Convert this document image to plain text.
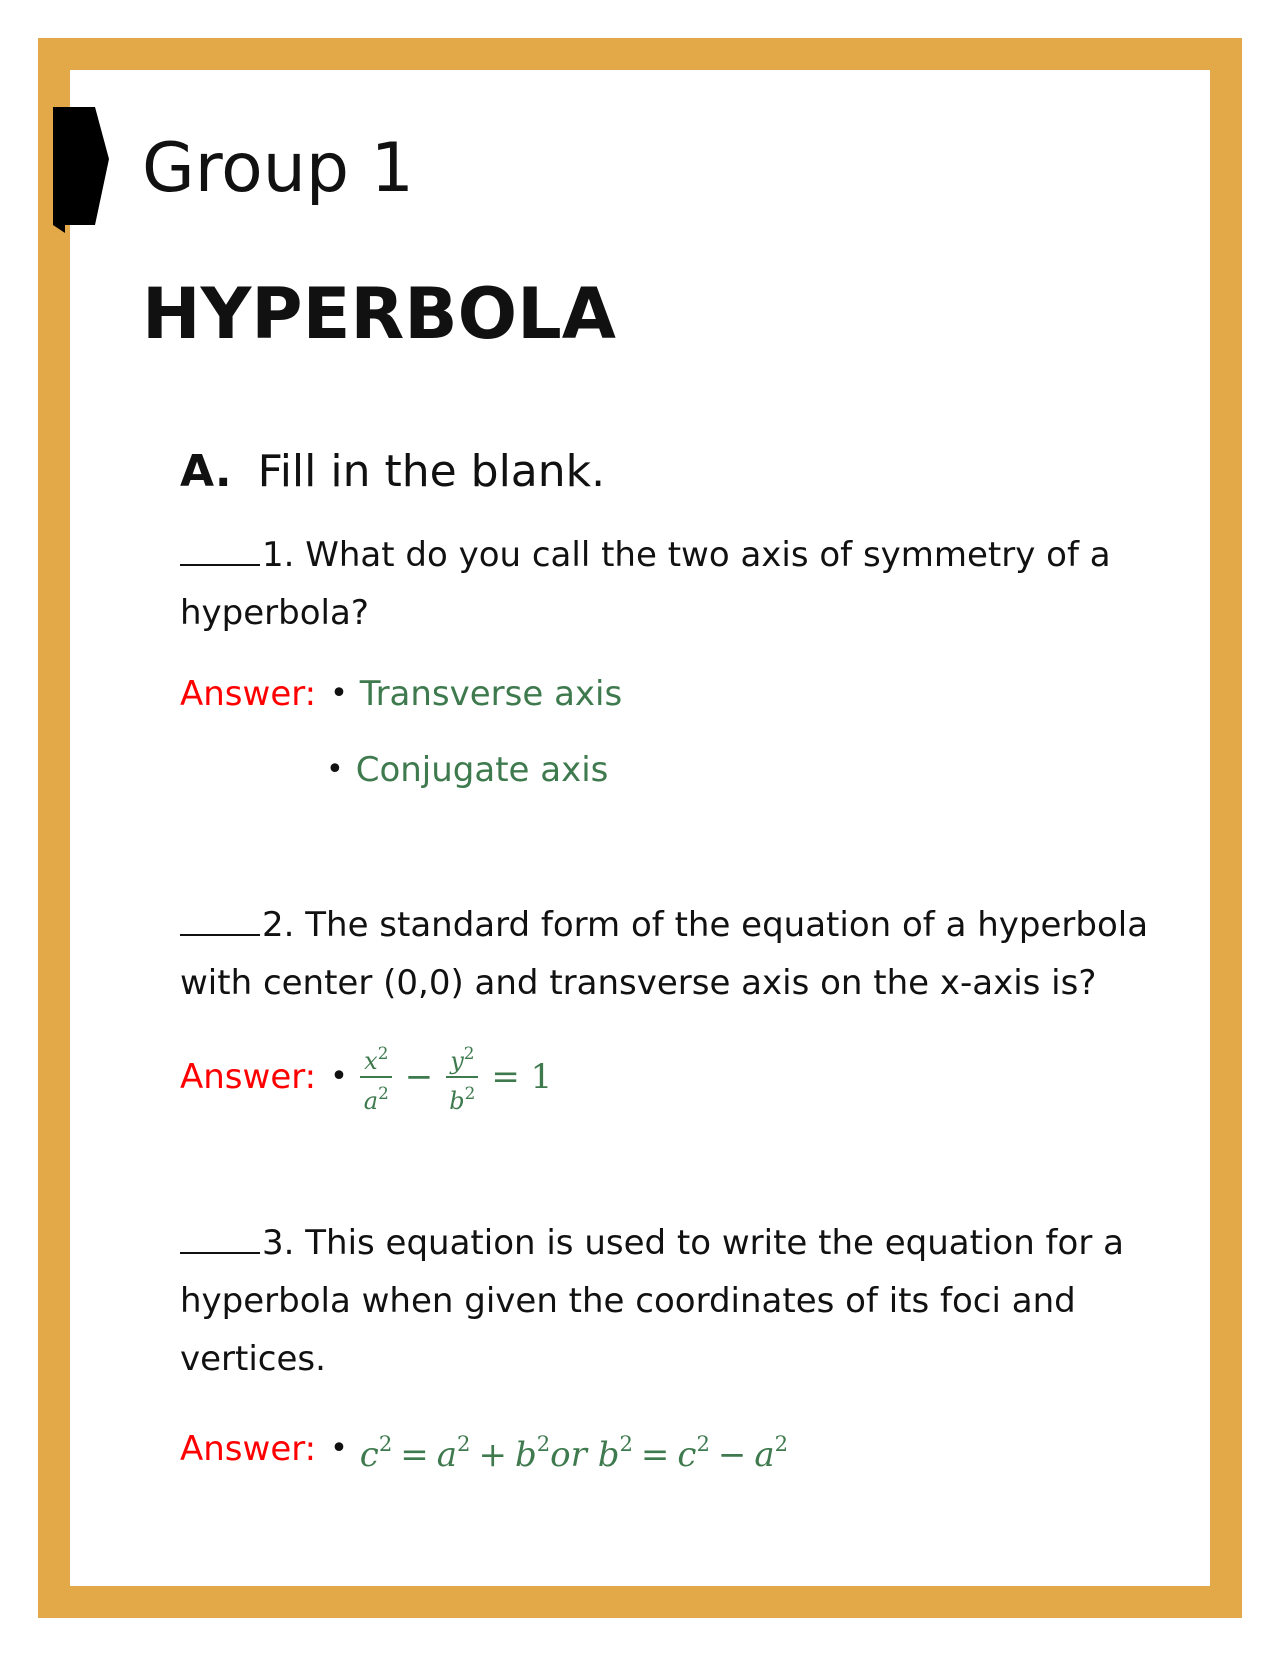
Group 1
HYPERBOLA
A. Fill in the blank.
1. What do you call the two axis of symmetry of a hyperbola?
Answer: • Transverse axis
• Conjugate axis
2. The standard form of the equation of a hyperbola with center (0,0) and transverse axis on the x-axis is?
Answer: • $\frac{x^2}{a^2} - \frac{y^2}{b^2} = 1$
3. This equation is used to write the equation for a hyperbola when given the coordinates of its foci and vertices.
Answer: • $c^2 = a^2 + b^2or$ $b^2 = c^2 - a^2$
